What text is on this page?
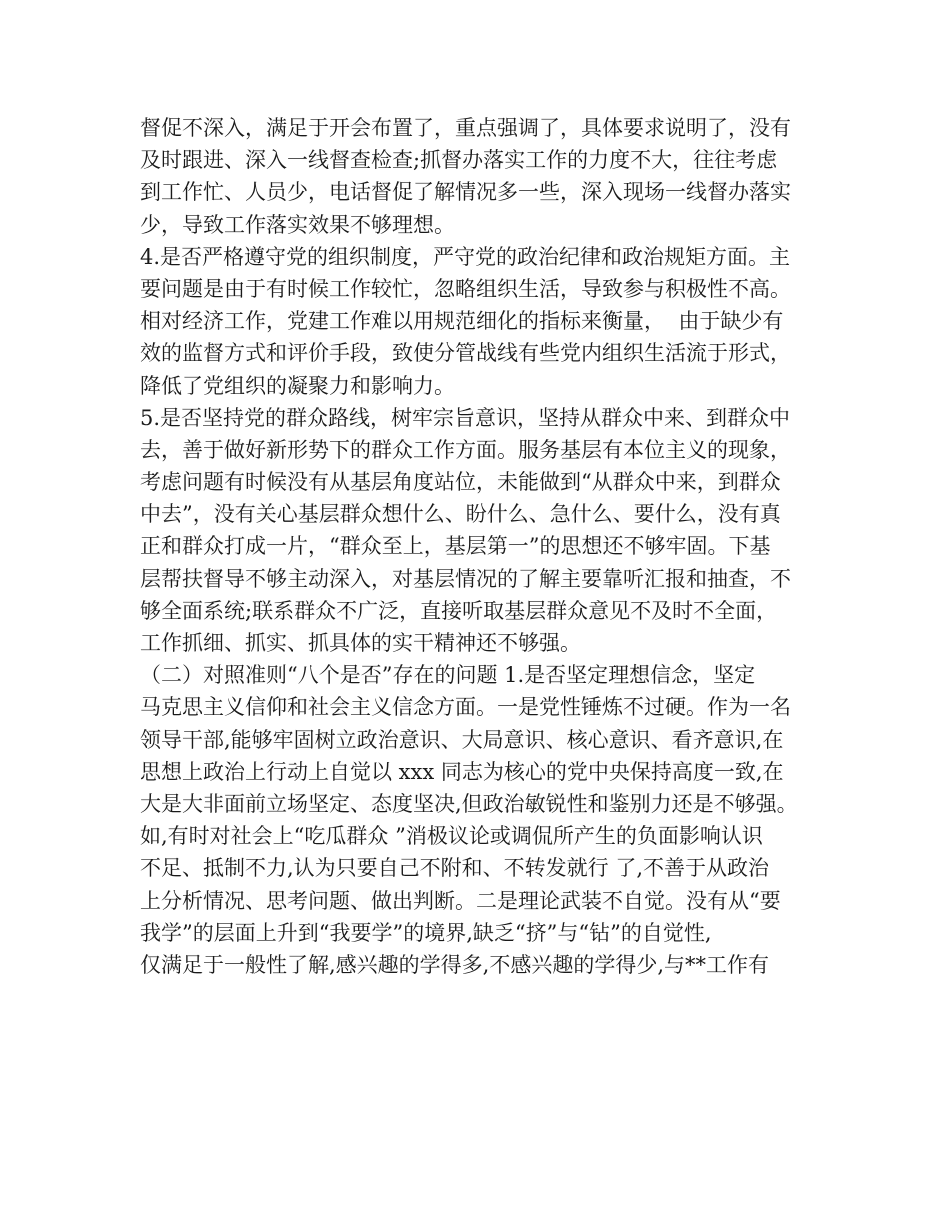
督促不深入，满足于开会布置了，重点强调了，具体要求说明了，没有
及时跟进、深入一线督查检查;抓督办落实工作的力度不大，往往考虑
到工作忙、人员少，电话督促了解情况多一些，深入现场一线督办落实
少，导致工作落实效果不够理想。
4.是否严格遵守党的组织制度，严守党的政治纪律和政治规矩方面。主
要问题是由于有时候工作较忙，忽略组织生活，导致参与积极性不高。
相对经济工作，党建工作难以用规范细化的指标来衡量，  由于缺少有
效的监督方式和评价手段，致使分管战线有些党内组织生活流于形式，
降低了党组织的凝聚力和影响力。
5.是否坚持党的群众路线，树牢宗旨意识，坚持从群众中来、到群众中
去，善于做好新形势下的群众工作方面。服务基层有本位主义的现象，
考虑问题有时候没有从基层角度站位，未能做到“从群众中来，到群众
中去”，没有关心基层群众想什么、盼什么、急什么、要什么，没有真
正和群众打成一片，“群众至上，基层第一”的思想还不够牢固。下基
层帮扶督导不够主动深入，对基层情况的了解主要靠听汇报和抽查，不
够全面系统;联系群众不广泛，直接听取基层群众意见不及时不全面，
工作抓细、抓实、抓具体的实干精神还不够强。
（二）对照准则“八个是否”存在的问题 1.是否坚定理想信念，坚定
马克思主义信仰和社会主义信念方面。一是党性锤炼不过硬。作为一名
领导干部,能够牢固树立政治意识、大局意识、核心意识、看齐意识,在
思想上政治上行动上自觉以 xxx 同志为核心的党中央保持高度一致,在
大是大非面前立场坚定、态度坚决,但政治敏锐性和鉴别力还是不够强。
如,有时对社会上“吃瓜群众 ”消极议论或调侃所产生的负面影响认识
不足、抵制不力,认为只要自己不附和、不转发就行 了,不善于从政治
上分析情况、思考问题、做出判断。二是理论武装不自觉。没有从“要
我学”的层面上升到“我要学”的境界,缺乏“挤”与“钻”的自觉性,
仅满足于一般性了解,感兴趣的学得多,不感兴趣的学得少,与**工作有
